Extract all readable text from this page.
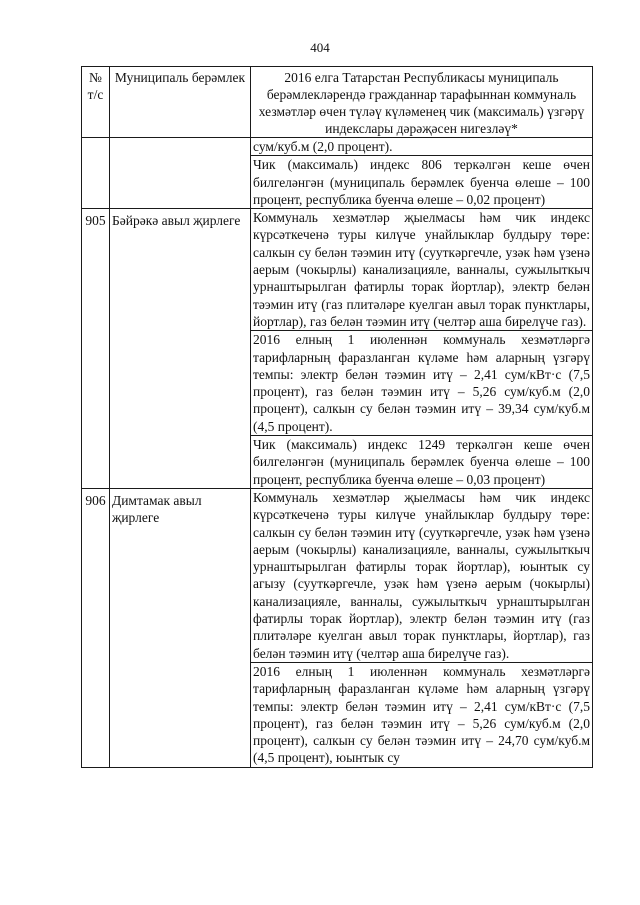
404
№ т/с	Муниципаль берәмлек	2016 елга Татарстан Республикасы муниципаль берәмлекләрендә гражданнар тарафыннан коммуналь хезмәтләр өчен түләү күләменең чик (максималь) үзгәрү индекслары дәрәҗәсен нигезләү*

		сум/куб.м (2,0 процент).
Чик (максималь) индекс 806 теркәлгән кеше өчен билгеләнгән (муниципаль берәмлек буенча өлеше – 100 процент, республика буенча өлеше – 0,02 процент)

905	Бәйрәкә авыл җирлеге	Коммуналь хезмәтләр җыелмасы һәм чик индекс күрсәткеченә туры килүче унайлыклар булдыру төре: салкын су белән тәэмин итү (сууткәргечле, узәк һәм үзенә аерым (чокырлы) канализацияле, ванналы, сужылыткыч урнаштырылган фатирлы торак йортлар), электр белән тәэмин итү (газ плитәләре куелган авыл торак пунктлары, йортлар), газ белән тәэмин итү (челтәр аша бирелүче газ).
2016 елның 1 июленнән коммуналь хезмәтләргә тарифларның фаразланган күләме һәм аларның үзгәрү темпы: электр белән тәэмин итү – 2,41 сум/кВт·с (7,5 процент), газ белән тәэмин итү – 5,26 сум/куб.м (2,0 процент), салкын су белән тәэмин итү – 39,34 сум/куб.м (4,5 процент).
Чик (максималь) индекс 1249 теркәлгән кеше өчен билгеләнгән (муниципаль берәмлек буенча өлеше – 100 процент, республика буенча өлеше – 0,03 процент)

906	Димтамак авыл җирлеге	Коммуналь хезмәтләр җыелмасы һәм чик индекс күрсәткеченә туры килүче унайлыклар булдыру төре: салкын су белән тәэмин итү (сууткәргечле, узәк һәм үзенә аерым (чокырлы) канализацияле, ванналы, сужылыткыч урнаштырылган фатирлы торак йортлар), юынтык су агызу (сууткәргечле, узәк һәм үзенә аерым (чокырлы) канализацияле, ванналы, сужылыткыч урнаштырылган фатирлы торак йортлар), электр белән тәэмин итү (газ плитәләре куелган авыл торак пунктлары, йортлар), газ белән тәэмин итү (челтәр аша бирелүче газ).
2016 елның 1 июленнән коммуналь хезмәтләргә тарифларның фаразланган күләме һәм аларның үзгәрү темпы: электр белән тәэмин итү – 2,41 сум/кВт·с (7,5 процент), газ белән тәэмин итү – 5,26 сум/куб.м (2,0 процент), салкын су белән тәэмин итү – 24,70 сум/куб.м (4,5 процент), юынтык су
